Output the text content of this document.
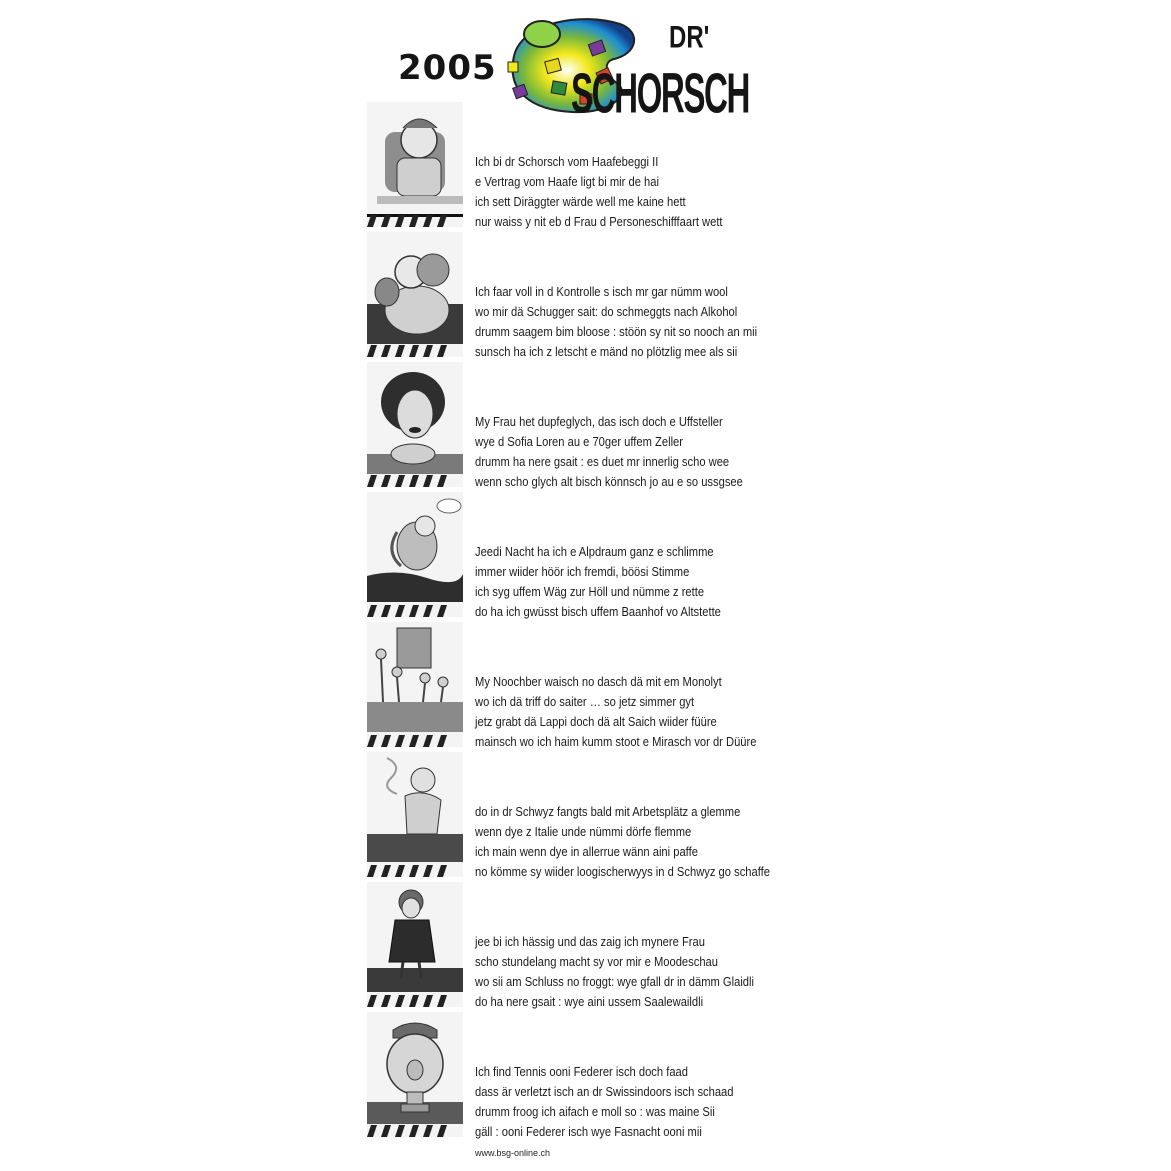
2005
DR'
SCHORSCH
Ich bi dr Schorsch vom Haafebeggi II
e Vertrag vom Haafe ligt bi mir de hai
ich sett Diräggter wärde well me kaine hett
nur waiss y nit eb d Frau d Personeschifffaart wett
Ich faar voll in d Kontrolle s isch mr gar nümm wool
wo mir dä Schugger sait: do schmeggts nach Alkohol
drumm saagem bim bloose : stöön sy nit so nooch an mii
sunsch ha ich z letscht e mänd no plötzlig mee als sii
My Frau het dupfeglych, das isch doch e Uffsteller
wye d Sofia Loren au e 70ger uffem Zeller
drumm ha nere gsait : es duet mr innerlig scho wee
wenn scho glych alt bisch könnsch jo au e so ussgsee
Jeedi Nacht ha ich e Alpdraum ganz e schlimme
immer wiider höör ich fremdi, böösi Stimme
ich syg uffem Wäg zur Höll und nümme z rette
do ha ich gwüsst bisch uffem Baanhof vo Altstette
My Noochber waisch no dasch dä mit em Monolyt
wo ich dä triff do saiter … so jetz simmer gyt
jetz grabt dä Lappi doch dä alt Saich wiider füüre
mainsch wo ich haim kumm stoot e Mirasch vor dr Düüre
do in dr Schwyz fangts bald mit Arbetsplätz a glemme
wenn dye z Italie unde nümmi dörfe flemme
ich main wenn dye in allerrue wänn aini paffe
no kömme sy wiider loogischerwyys in d Schwyz go schaffe
jee bi ich hässig und das zaig ich mynere Frau
scho stundelang macht sy vor mir e Moodeschau
wo sii am Schluss no froggt: wye gfall dr in dämm Glaidli
do ha nere gsait : wye aini ussem Saalewaildli
Ich find Tennis ooni Federer isch doch faad
dass är verletzt isch an dr Swissindoors isch schaad
drumm froog ich aifach e moll so : was maine Sii
gäll : ooni Federer isch wye Fasnacht ooni mii
www.bsg-online.ch
